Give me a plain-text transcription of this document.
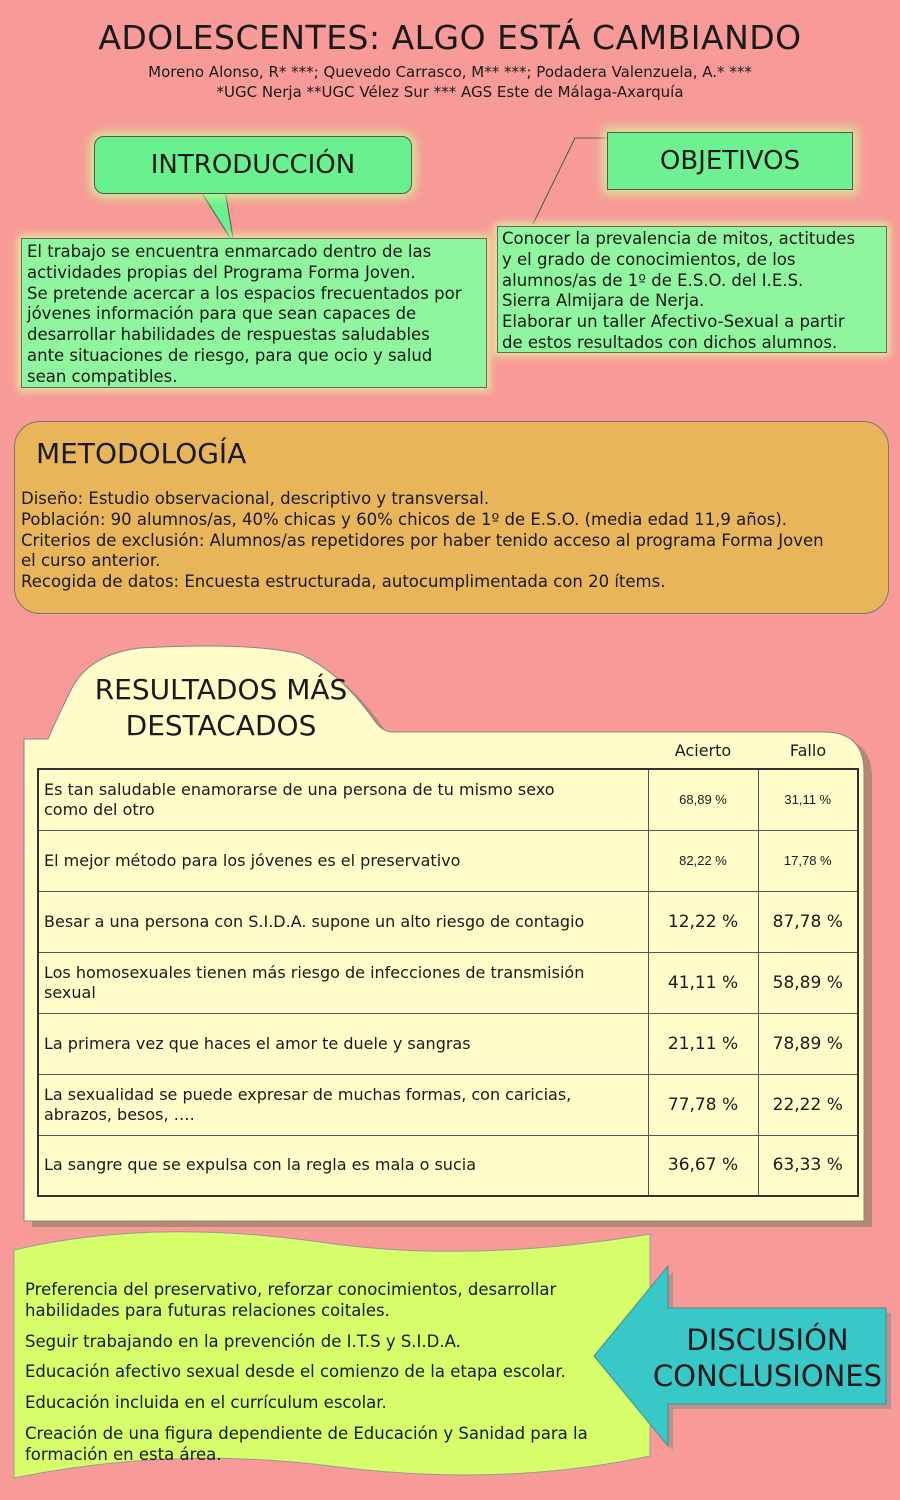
ADOLESCENTES: ALGO ESTÁ CAMBIANDO
Moreno Alonso, R* ***; Quevedo Carrasco, M** ***; Podadera Valenzuela, A.* ***
*UGC Nerja **UGC Vélez Sur *** AGS Este de Málaga-Axarquía
INTRODUCCIÓN	OBJETIVOS
El trabajo se encuentra enmarcado dentro de las
actividades propias del Programa Forma Joven.
Se pretende acercar a los espacios frecuentados por
jóvenes información para que sean capaces de
desarrollar habilidades de respuestas saludables
ante situaciones de riesgo, para que ocio y salud
sean compatibles.
Conocer la prevalencia de mitos, actitudes
y el grado de conocimientos, de los
alumnos/as de 1º de E.S.O. del I.E.S.
Sierra Almijara de Nerja.
Elaborar un taller Afectivo-Sexual a partir
de estos resultados con dichos alumnos.
METODOLOGÍA
Diseño: Estudio observacional, descriptivo y transversal.
Población: 90 alumnos/as, 40% chicas y 60% chicos de 1º de E.S.O. (media edad 11,9 años).
Criterios de exclusión: Alumnos/as repetidores por haber tenido acceso al programa Forma Joven
el curso anterior.
Recogida de datos: Encuesta estructurada, autocumplimentada con 20 ítems.
RESULTADOS MÁS
DESTACADOS
Acierto	Fallo
Es tan saludable enamorarse de una persona de tu mismo sexo
como del otro	68,89 %	31,11 %

El mejor método para los jóvenes es el preservativo	82,22 %	17,78 %

Besar a una persona con S.I.D.A. supone un alto riesgo de contagio	12,22 %	87,78 %

Los homosexuales tienen más riesgo de infecciones de transmisión
sexual	41,11 %	58,89 %

La primera vez que haces el amor te duele y sangras	21,11 %	78,89 %

La sexualidad se puede expresar de muchas formas, con caricias,
abrazos, besos, ….	77,78 %	22,22 %

La sangre que se expulsa con la regla es mala o sucia	36,67 %	63,33 %

Preferencia del preservativo, reforzar conocimientos, desarrollar
habilidades para futuras relaciones coitales.

Seguir trabajando en la prevención de I.T.S y S.I.D.A.

Educación afectivo sexual desde el comienzo de la etapa escolar.

Educación incluida en el currículum escolar.

Creación de una figura dependiente de Educación y Sanidad para la
formación en esta área.

DISCUSIÓN
CONCLUSIONES
